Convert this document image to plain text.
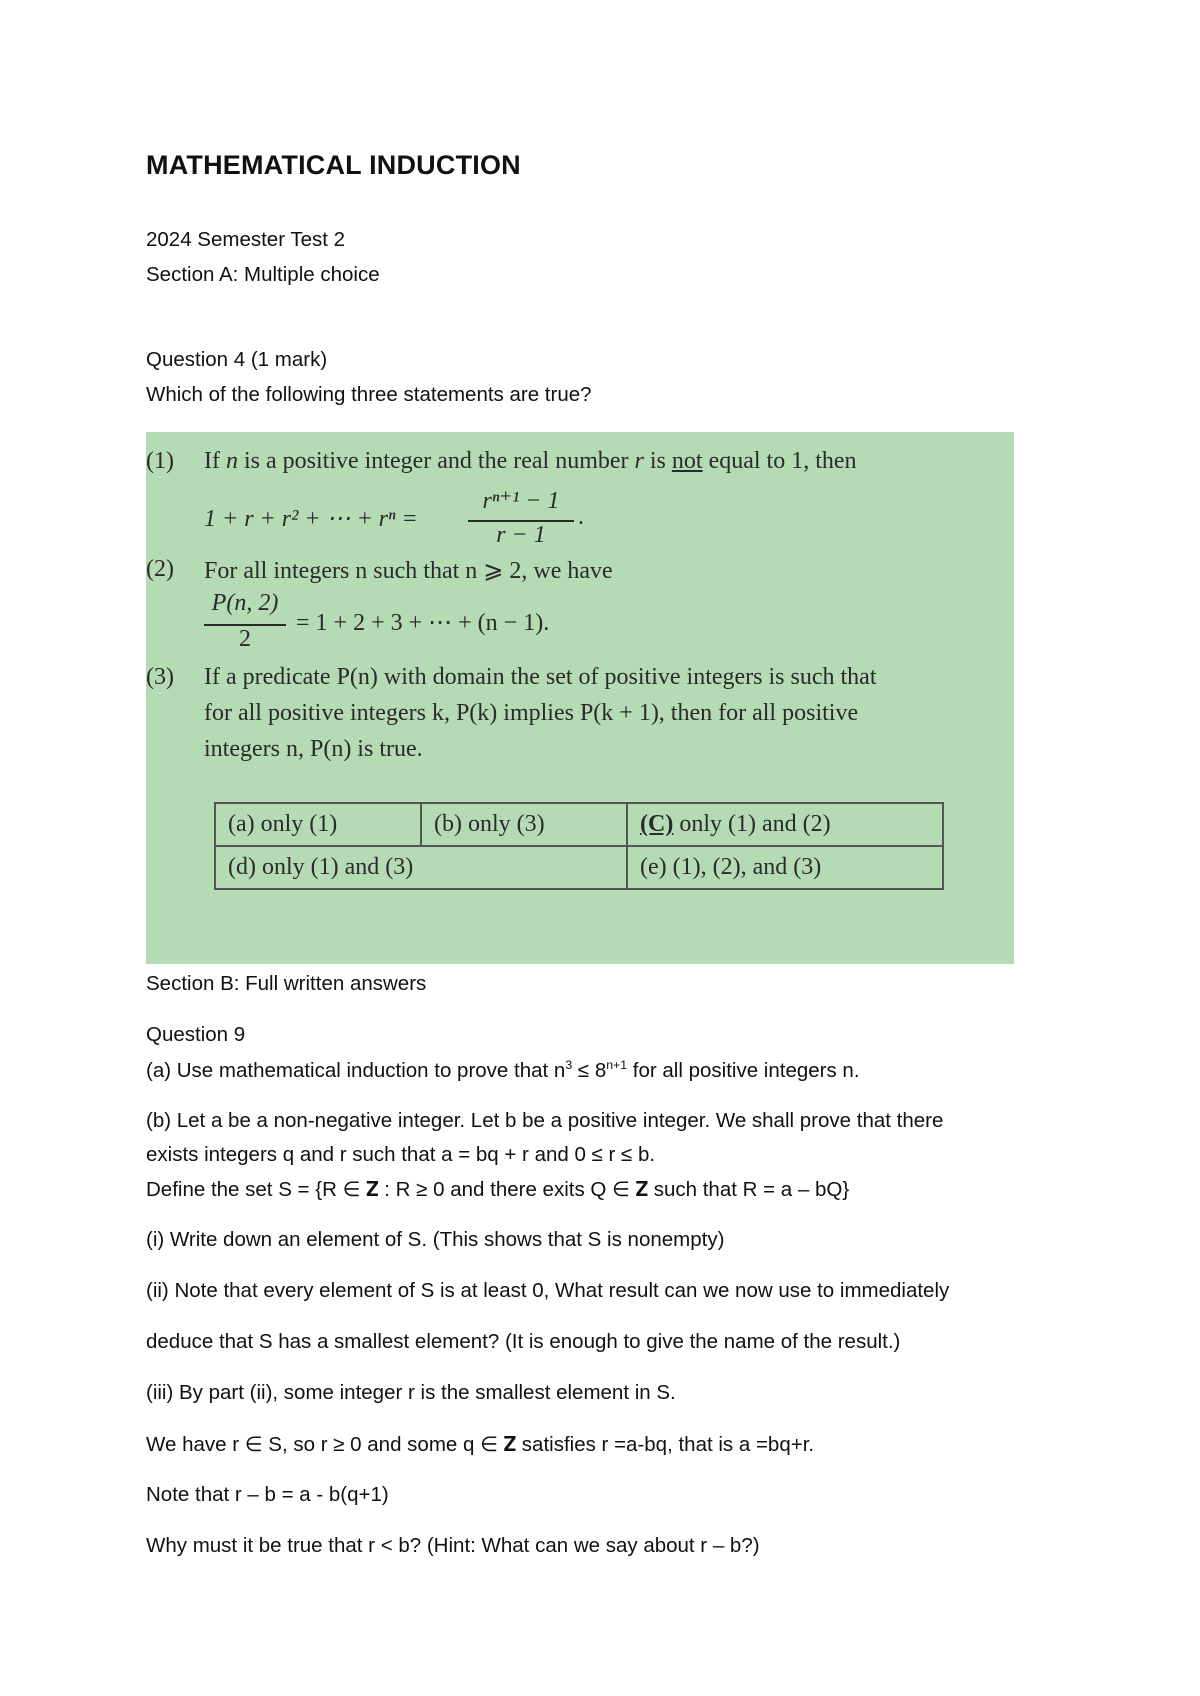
MATHEMATICAL INDUCTION
2024 Semester Test 2
Section A: Multiple choice
Question 4 (1 mark)
Which of the following three statements are true?
(1) If n is a positive integer and the real number r is not equal to 1, then
1 + r + r² + ⋯ + rⁿ =
rⁿ⁺¹ − 1
r − 1
.
(2) For all integers n such that n ⩾ 2, we have
P(n, 2)
2
= 1 + 2 + 3 + ⋯ + (n − 1).
(3) If a predicate P(n) with domain the set of positive integers is such that
for all positive integers k, P(k) implies P(k + 1), then for all positive
integers n, P(n) is true.
(a) only (1)	(b) only (3)	(C) only (1) and (2)
(d) only (1) and (3)		(e) (1), (2), and (3)
Section B: Full written answers
Question 9
(a) Use mathematical induction to prove that $n^3 \le 8^{n+1}$ for all positive integers n.
(b) Let a be a non-negative integer. Let b be a positive integer. We shall prove that there
exists integers q and r such that a = bq + r and 0 ≤ r ≤ b.
Define the set S = {R ∈ 𝐙 : R ≥ 0 and there exits Q ∈ 𝐙 such that R = a – bQ}
(i) Write down an element of S. (This shows that S is nonempty)
(ii) Note that every element of S is at least 0, What result can we now use to immediately
deduce that S has a smallest element? (It is enough to give the name of the result.)
(iii) By part (ii), some integer r is the smallest element in S.
We have r ∈ S, so r ≥ 0 and some q ∈ 𝐙 satisfies r =a-bq, that is a =bq+r.
Note that r – b = a - b(q+1)
Why must it be true that r < b? (Hint: What can we say about r – b?)
